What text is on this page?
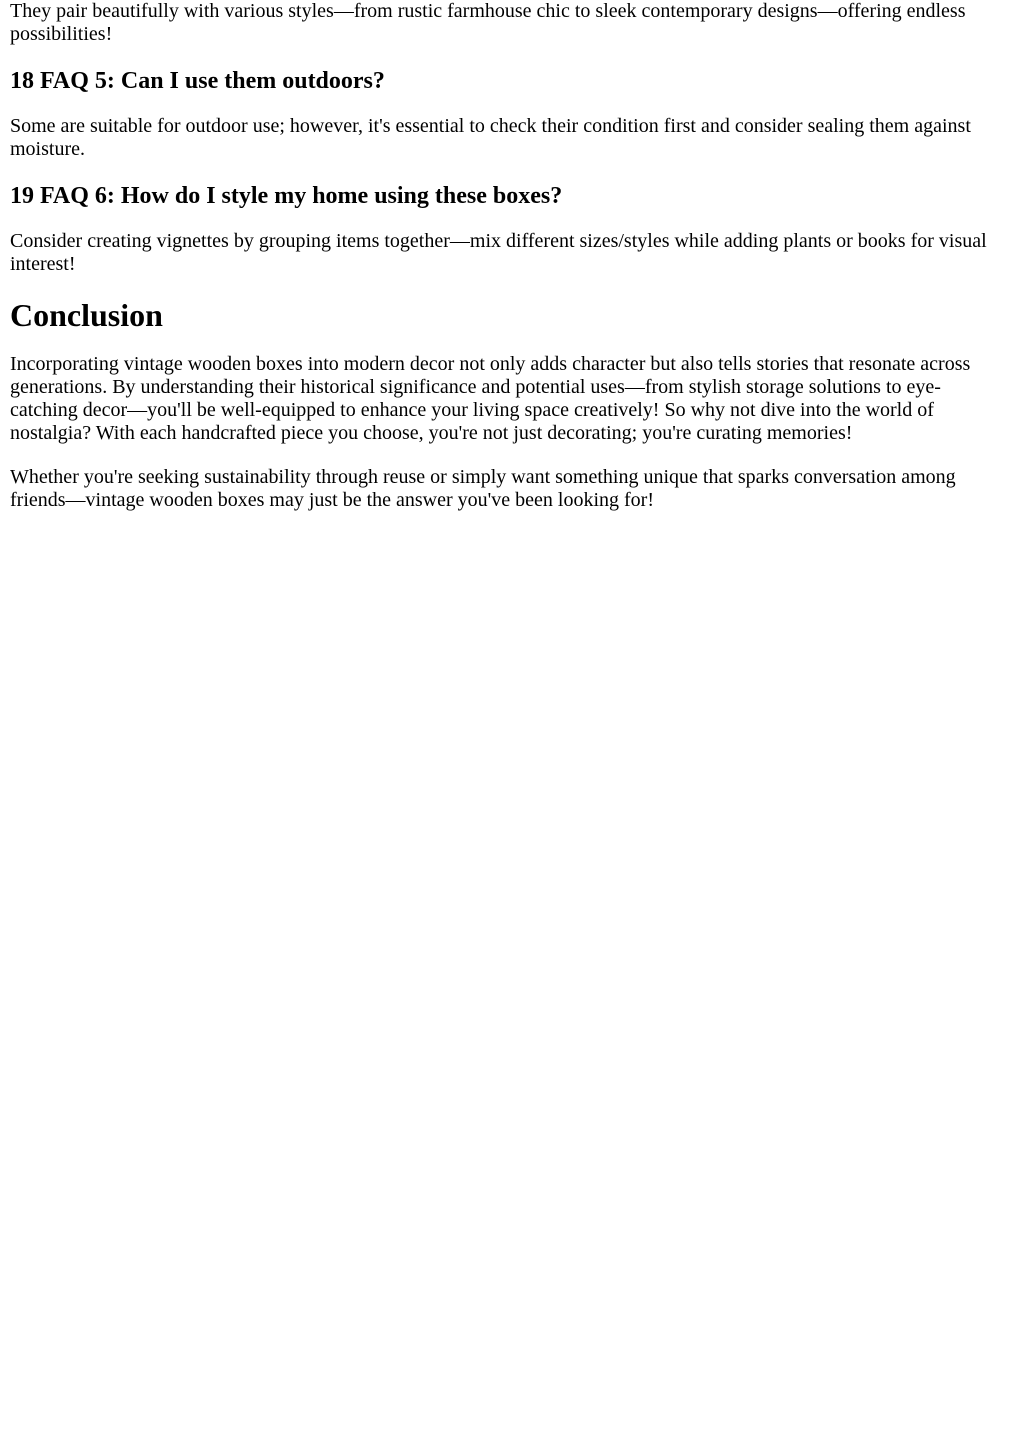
They pair beautifully with various styles—from rustic farmhouse chic to sleek contemporary designs—offering endless possibilities!

18 FAQ 5: Can I use them outdoors?

Some are suitable for outdoor use; however, it's essential to check their condition first and consider sealing them against moisture.

19 FAQ 6: How do I style my home using these boxes?

Consider creating vignettes by grouping items together—mix different sizes/styles while adding plants or books for visual interest!

Conclusion

Incorporating vintage wooden boxes into modern decor not only adds character but also tells stories that resonate across generations. By understanding their historical significance and potential uses—from stylish storage solutions to eye-catching decor—you'll be well-equipped to enhance your living space creatively! So why not dive into the world of nostalgia? With each handcrafted piece you choose, you're not just decorating; you're curating memories!

Whether you're seeking sustainability through reuse or simply want something unique that sparks conversation among friends—vintage wooden boxes may just be the answer you've been looking for!
